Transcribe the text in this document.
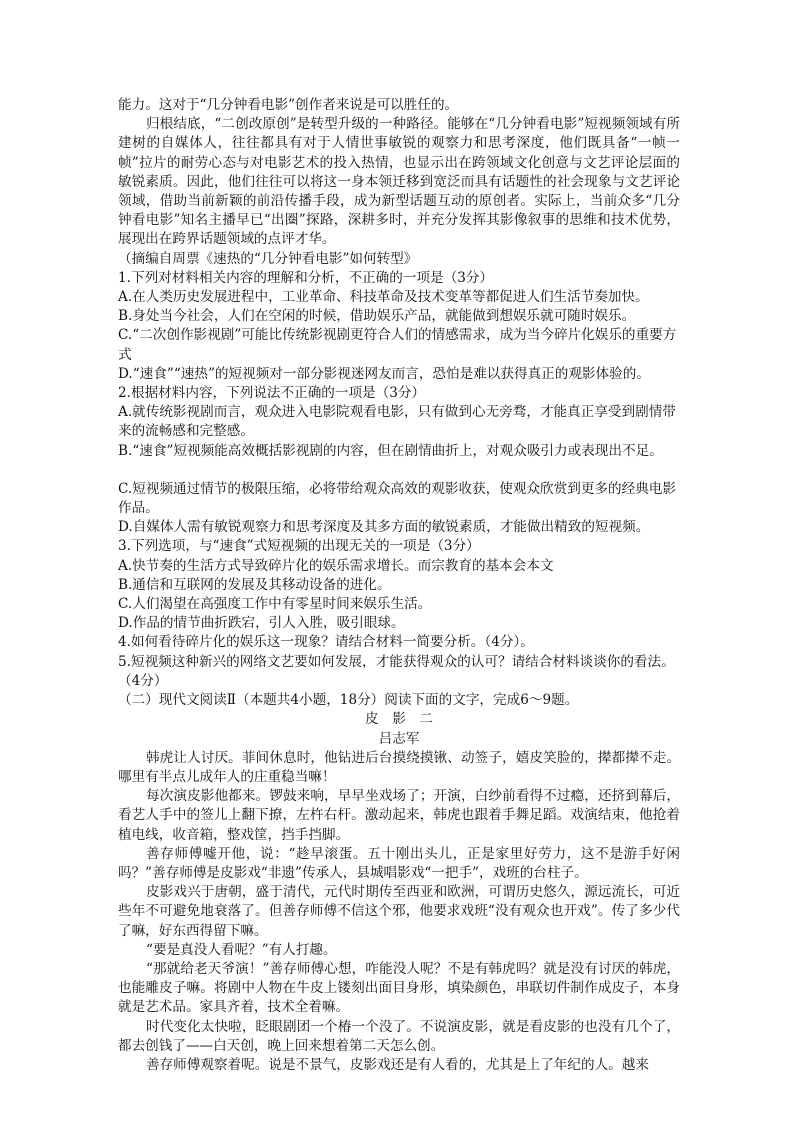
能力。这对于“几分钟看电影”创作者来说是可以胜任的。

归根结底，“二创改原创”是转型升级的一种路径。能够在“几分钟看电影”短视频领域有所建树的自媒体人，往往都具有对于人情世事敏锐的观察力和思考深度，他们既具备“一帧一帧”拉片的耐劳心态与对电影艺术的投入热情，也显示出在跨领域文化创意与文艺评论层面的敏锐素质。因此，他们往往可以将这一身本领迁移到宽泛而具有话题性的社会现象与文艺评论领域，借助当前新颖的前沿传播手段，成为新型话题互动的原创者。实际上，当前众多“几分钟看电影”知名主播早已“出圈”探路，深耕多时，并充分发挥其影像叙事的思维和技术优势，展现出在跨界话题领域的点评才华。

（摘编自周票《速热的“几分钟看电影”如何转型》

1.下列对材料相关内容的理解和分析，不正确的一项是（3分）

A.在人类历史发展进程中，工业革命、科技革命及技术变革等都促进人们生活节奏加快。

B.身处当今社会，人们在空闲的时候，借助娱乐产品，就能做到想娱乐就可随时娱乐。

C.“二次创作影视剧”可能比传统影视剧更符合人们的情感需求，成为当今碎片化娱乐的重要方式

D.“速食”“速热”的短视频对一部分影视迷网友而言，恐怕是难以获得真正的观影体验的。

2.根据材料内容，下列说法不正确的一项是（3分）

A.就传统影视剧而言，观众进入电影院观看电影，只有做到心无旁骛，才能真正享受到剧情带来的流畅感和完整感。

B.“速食”短视频能高效概括影视剧的内容，但在剧情曲折上，对观众吸引力或表现出不足。

C.短视频通过情节的极限压缩，必将带给观众高效的观影收获，使观众欣赏到更多的经典电影作品。

D.自媒体人需有敏锐观察力和思考深度及其多方面的敏锐素质，才能做出精致的短视频。

3.下列选项，与“速食”式短视频的出现无关的一项是（3分）

A.快节奏的生活方式导致碎片化的娱乐需求增长。而宗教育的基本会本文

B.通信和互联网的发展及其移动设备的进化。

C.人们渴望在高强度工作中有零星时间来娱乐生活。

D.作品的情节曲折跌宕，引人入胜，吸引眼球。

4.如何看待碎片化的娱乐这一现象？请结合材料一简要分析。（4分）。

5.短视频这种新兴的网络文艺要如何发展，才能获得观众的认可？请结合材料谈谈你的看法。（4分）

（二）现代文阅读Ⅱ（本题共4小题，18分）阅读下面的文字，完成6～9题。

皮　影　二

吕志军

韩虎让人讨厌。菲间休息时，他钻进后台摸绕摸锹、动签子，嬉皮笑脸的，撵都撵不走。哪里有半点儿成年人的庄重稳当嘛！

每次演皮影他都来。锣鼓来响，早早坐戏场了；开演，白纱前看得不过瘾，还挤到幕后，看艺人手中的签儿上翻下撩，左杵右杆。激动起来，韩虎也跟着手舞足蹈。戏演结束，他抢着植电线，收音箱，整戏筐，挡手挡脚。

善存师傅嘘开他，说：“趁早滚蛋。五十刚出头儿，正是家里好劳力，这不是游手好闲吗？”善存师傅是皮影戏“非遗”传承人，县城唱影戏“一把手”，戏班的台柱子。

皮影戏兴于唐朝，盛于清代，元代时期传至西亚和欧洲，可谓历史悠久，源远流长，可近些年不可避免地衰落了。但善存师傅不信这个邪，他要求戏班“没有观众也开戏”。传了多少代了嘛，好东西得留下嘛。

“要是真没人看呢？”有人打趣。

“那就给老天爷演！”善存师傅心想，咋能没人呢？不是有韩虎吗？就是没有讨厌的韩虎，也能雕皮子嘛。将剧中人物在牛皮上镂刻出面目身形，填染颜色，串联切件制作成皮子，本身就是艺术品。家具齐着，技术全着嘛。

时代变化太快啦，眨眼剧团一个椿一个没了。不说演皮影，就是看皮影的也没有几个了，都去创钱了——白天创，晚上回来想着第二天怎么创。

善存师傅观察着呢。说是不景气，皮影戏还是有人看的，尤其是上了年纪的人。越来
